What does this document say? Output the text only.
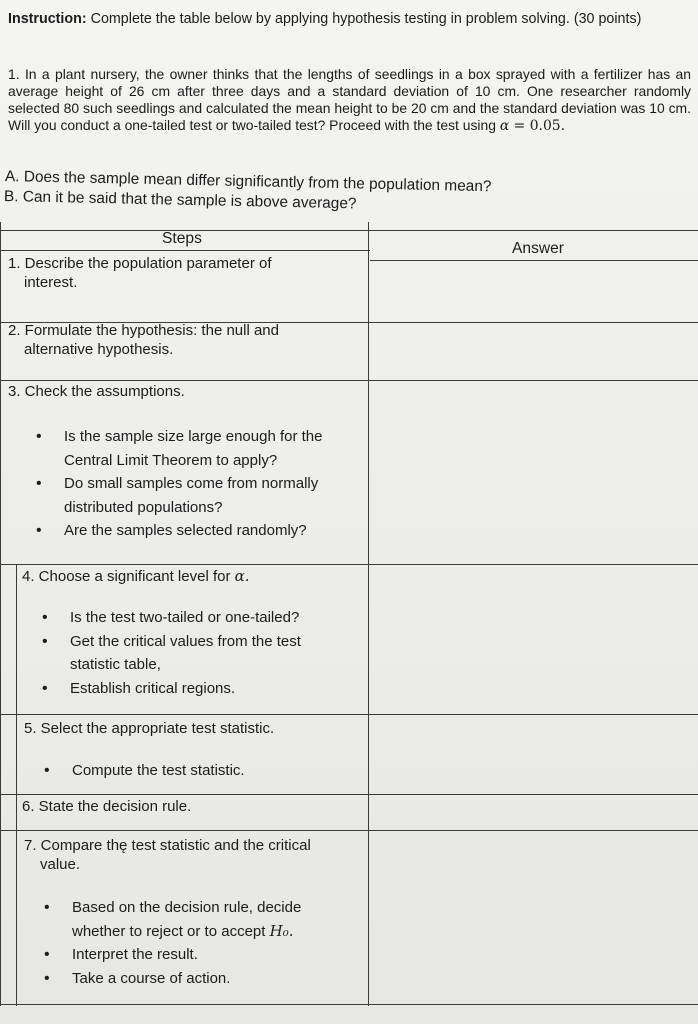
Instruction: Complete the table below by applying hypothesis testing in problem solving. (30 points)
1. In a plant nursery, the owner thinks that the lengths of seedlings in a box sprayed with a fertilizer has an average height of 26 cm after three days and a standard deviation of 10 cm. One researcher randomly selected 80 such seedlings and calculated the mean height to be 20 cm and the standard deviation was 10 cm. Will you conduct a one-tailed test or two-tailed test? Proceed with the test using α = 0.05.
A. Does the sample mean differ significantly from the population mean?
B. Can it be said that the sample is above average?
Steps
Answer
1. Describe the population parameter of
interest.
2. Formulate the hypothesis: the null and
alternative hypothesis.
3. Check the assumptions.
• Is the sample size large enough for the
Central Limit Theorem to apply?
• Do small samples come from normally
distributed populations?
• Are the samples selected randomly?
4. Choose a significant level for α.
• Is the test two-tailed or one-tailed?
• Get the critical values from the test
statistic table,
• Establish critical regions.
5. Select the appropriate test statistic.
• Compute the test statistic.
6. State the decision rule.
7. Compare thę test statistic and the critical
value.
• Based on the decision rule, decide
whether to reject or to accept H₀.
• Interpret the result.
• Take a course of action.
